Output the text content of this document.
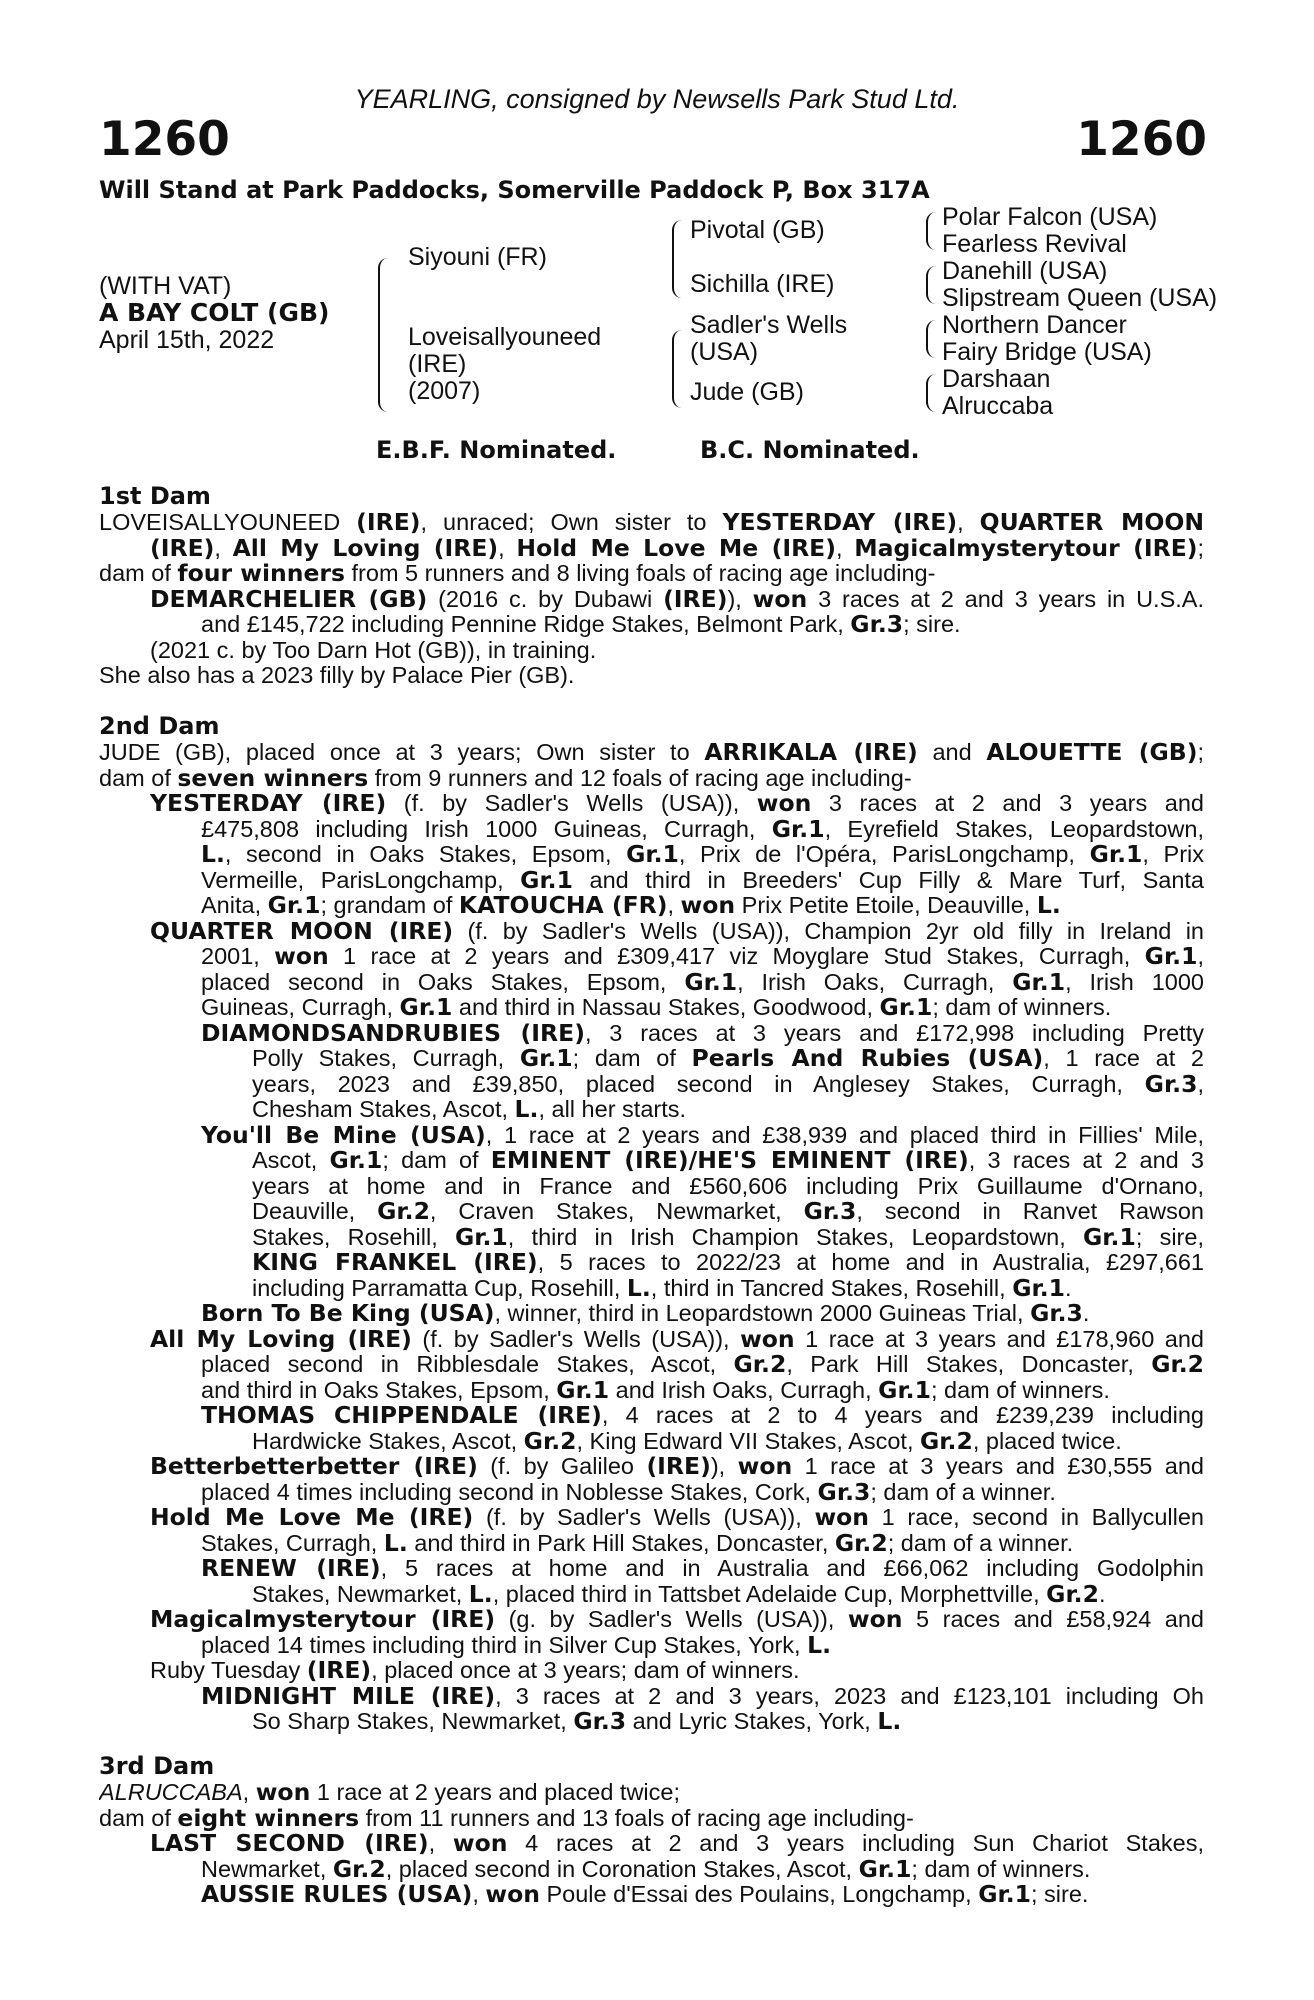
YEARLING, consigned by Newsells Park Stud Ltd.
1260	1260
Will Stand at Park Paddocks, Somerville Paddock P, Box 317A
(WITH VAT)
A BAY COLT (GB)
April 15th, 2022
Siyouni (FR)
Loveisallyouneed
(IRE)
(2007)
Pivotal (GB)
Sichilla (IRE)
Sadler's Wells
(USA)
Jude (GB)
Polar Falcon (USA)
Fearless Revival
Danehill (USA)
Slipstream Queen (USA)
Northern Dancer
Fairy Bridge (USA)
Darshaan
Alruccaba
E.B.F. Nominated.	B.C. Nominated.
1st Dam
LOVEISALLYOUNEED (IRE), unraced; Own sister to YESTERDAY (IRE), QUARTER MOON
(IRE), All My Loving (IRE), Hold Me Love Me (IRE), Magicalmysterytour (IRE);
dam of four winners from 5 runners and 8 living foals of racing age including-
DEMARCHELIER (GB) (2016 c. by Dubawi (IRE)), won 3 races at 2 and 3 years in U.S.A.
and £145,722 including Pennine Ridge Stakes, Belmont Park, Gr.3; sire.
(2021 c. by Too Darn Hot (GB)), in training.
She also has a 2023 filly by Palace Pier (GB).
2nd Dam
JUDE (GB), placed once at 3 years; Own sister to ARRIKALA (IRE) and ALOUETTE (GB);
dam of seven winners from 9 runners and 12 foals of racing age including-
YESTERDAY (IRE) (f. by Sadler's Wells (USA)), won 3 races at 2 and 3 years and
£475,808 including Irish 1000 Guineas, Curragh, Gr.1, Eyrefield Stakes, Leopardstown,
L., second in Oaks Stakes, Epsom, Gr.1, Prix de l'Opéra, ParisLongchamp, Gr.1, Prix
Vermeille, ParisLongchamp, Gr.1 and third in Breeders' Cup Filly & Mare Turf, Santa
Anita, Gr.1; grandam of KATOUCHA (FR), won Prix Petite Etoile, Deauville, L.
QUARTER MOON (IRE) (f. by Sadler's Wells (USA)), Champion 2yr old filly in Ireland in
2001, won 1 race at 2 years and £309,417 viz Moyglare Stud Stakes, Curragh, Gr.1,
placed second in Oaks Stakes, Epsom, Gr.1, Irish Oaks, Curragh, Gr.1, Irish 1000
Guineas, Curragh, Gr.1 and third in Nassau Stakes, Goodwood, Gr.1; dam of winners.
DIAMONDSANDRUBIES (IRE), 3 races at 3 years and £172,998 including Pretty
Polly Stakes, Curragh, Gr.1; dam of Pearls And Rubies (USA), 1 race at 2
years, 2023 and £39,850, placed second in Anglesey Stakes, Curragh, Gr.3,
Chesham Stakes, Ascot, L., all her starts.
You'll Be Mine (USA), 1 race at 2 years and £38,939 and placed third in Fillies' Mile,
Ascot, Gr.1; dam of EMINENT (IRE)/HE'S EMINENT (IRE), 3 races at 2 and 3
years at home and in France and £560,606 including Prix Guillaume d'Ornano,
Deauville, Gr.2, Craven Stakes, Newmarket, Gr.3, second in Ranvet Rawson
Stakes, Rosehill, Gr.1, third in Irish Champion Stakes, Leopardstown, Gr.1; sire,
KING FRANKEL (IRE), 5 races to 2022/23 at home and in Australia, £297,661
including Parramatta Cup, Rosehill, L., third in Tancred Stakes, Rosehill, Gr.1.
Born To Be King (USA), winner, third in Leopardstown 2000 Guineas Trial, Gr.3.
All My Loving (IRE) (f. by Sadler's Wells (USA)), won 1 race at 3 years and £178,960 and
placed second in Ribblesdale Stakes, Ascot, Gr.2, Park Hill Stakes, Doncaster, Gr.2
and third in Oaks Stakes, Epsom, Gr.1 and Irish Oaks, Curragh, Gr.1; dam of winners.
THOMAS CHIPPENDALE (IRE), 4 races at 2 to 4 years and £239,239 including
Hardwicke Stakes, Ascot, Gr.2, King Edward VII Stakes, Ascot, Gr.2, placed twice.
Betterbetterbetter (IRE) (f. by Galileo (IRE)), won 1 race at 3 years and £30,555 and
placed 4 times including second in Noblesse Stakes, Cork, Gr.3; dam of a winner.
Hold Me Love Me (IRE) (f. by Sadler's Wells (USA)), won 1 race, second in Ballycullen
Stakes, Curragh, L. and third in Park Hill Stakes, Doncaster, Gr.2; dam of a winner.
RENEW (IRE), 5 races at home and in Australia and £66,062 including Godolphin
Stakes, Newmarket, L., placed third in Tattsbet Adelaide Cup, Morphettville, Gr.2.
Magicalmysterytour (IRE) (g. by Sadler's Wells (USA)), won 5 races and £58,924 and
placed 14 times including third in Silver Cup Stakes, York, L.
Ruby Tuesday (IRE), placed once at 3 years; dam of winners.
MIDNIGHT MILE (IRE), 3 races at 2 and 3 years, 2023 and £123,101 including Oh
So Sharp Stakes, Newmarket, Gr.3 and Lyric Stakes, York, L.
3rd Dam
ALRUCCABA, won 1 race at 2 years and placed twice;
dam of eight winners from 11 runners and 13 foals of racing age including-
LAST SECOND (IRE), won 4 races at 2 and 3 years including Sun Chariot Stakes,
Newmarket, Gr.2, placed second in Coronation Stakes, Ascot, Gr.1; dam of winners.
AUSSIE RULES (USA), won Poule d'Essai des Poulains, Longchamp, Gr.1; sire.
